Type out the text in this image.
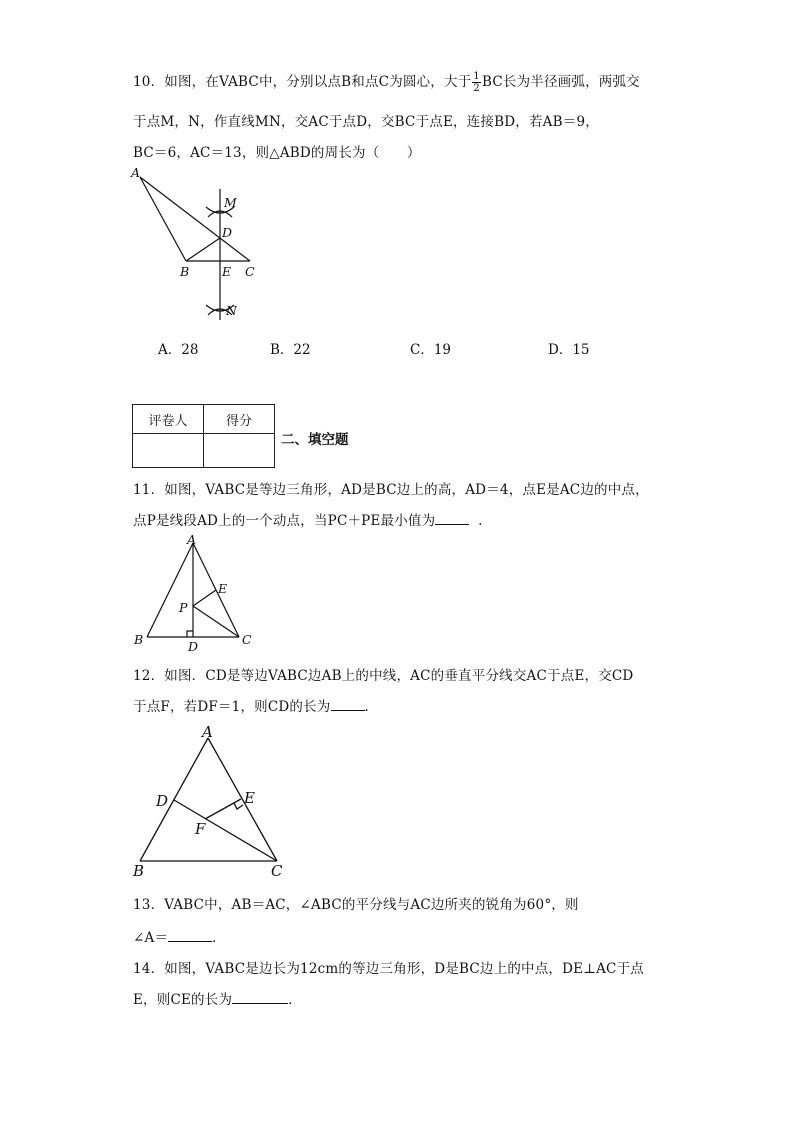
10．如图，在VABC中，分别以点B和点C为圆心，大于 $\frac{1}{2}$ BC长为半径画弧，两弧交
于点M，N，作直线MN，交AC于点D，交BC于点E，连接BD，若AB＝9，
BC＝6，AC＝13，则△ABD的周长为（　　）
A
M
D
B	E C
N
A．28	B．22	C．19	D．15
评卷人	得分

二、填空题
11．如图，VABC是等边三角形，AD是BC边上的高，AD＝4，点E是AC边的中点，
点P是线段AD上的一个动点，当PC＋PE最小值为	．
A
E
P
B	C
D
12．如图．CD是等边VABC边AB上的中线，AC的垂直平分线交AC于点E，交CD
于点F，若DF＝1，则CD的长为	．
A
D	E
F
B	C
13．VABC中，AB＝AC，∠ABC的平分线与AC边所夹的锐角为60°，则
∠A＝	．
14．如图，VABC是边长为12cm的等边三角形，D是BC边上的中点，DE⊥AC于点
E，则CE的长为	．
